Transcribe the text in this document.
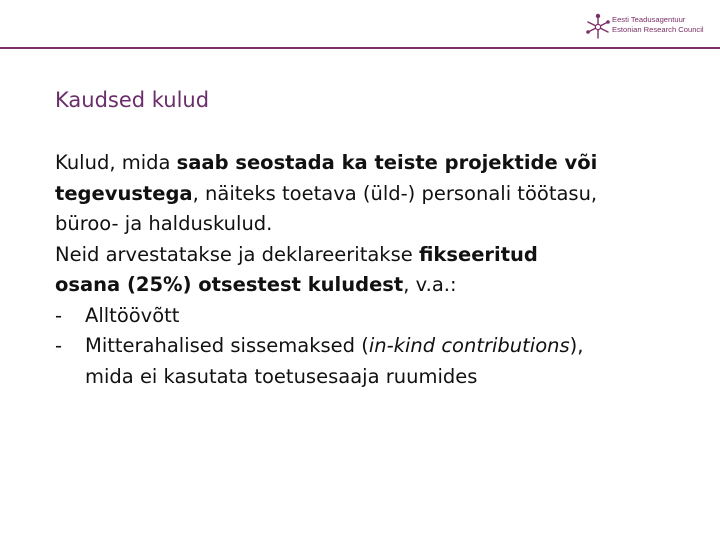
Eesti Teadusagentuur
Estonian Research Council
Kaudsed kulud

Kulud, mida saab seostada ka teiste projektide või

tegevustega, näiteks toetava (üld-) personali töötasu,

büroo- ja halduskulud.

Neid arvestatakse ja deklareeritakse fikseeritud

osana (25%) otsestest kuludest, v.a.:

- Alltöövõtt

- Mitterahalised sissemaksed (in-kind contributions),

mida ei kasutata toetusesaaja ruumides
